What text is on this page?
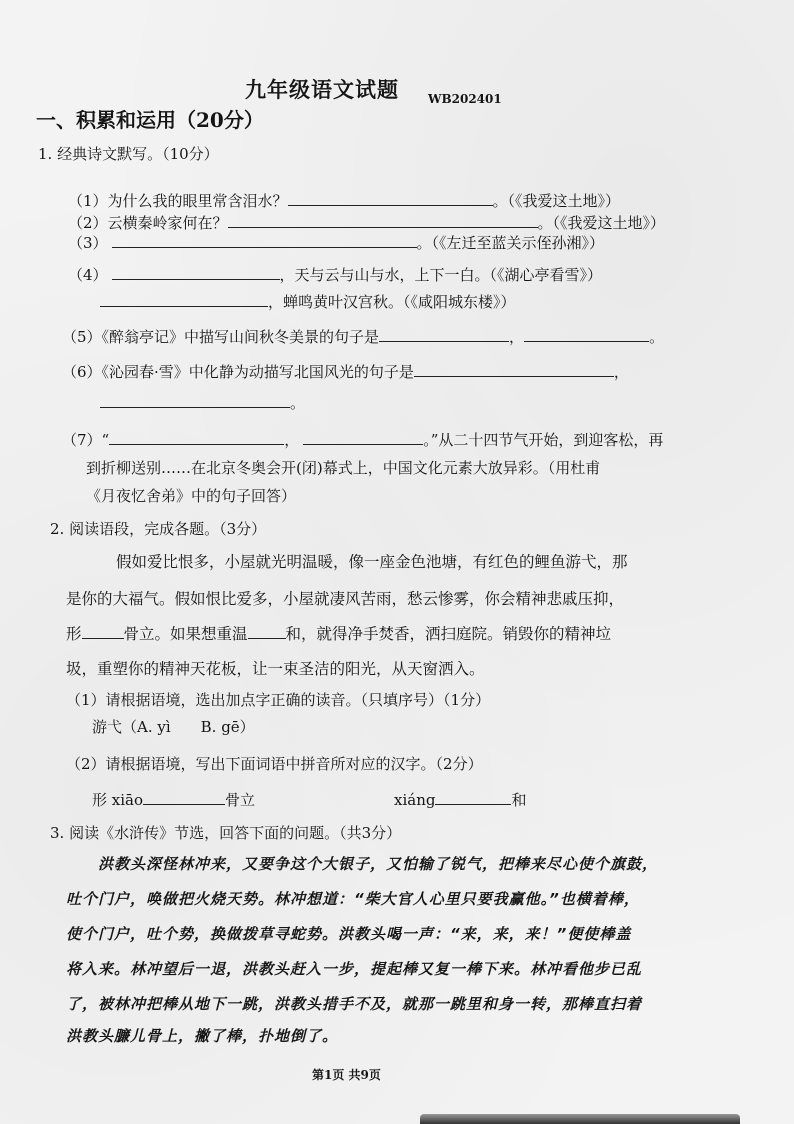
九年级语文试题 WB202401
一、积累和运用（20分）
1. 经典诗文默写。（10分）
（1）为什么我的眼里常含泪水？	。（《我爱这土地》）
（2）云横秦岭家何在？	。（《我爱这土地》）
（3）	。（《左迁至蓝关示侄孙湘》）
（4）	，天与云与山与水，上下一白。（《湖心亭看雪》）
，蝉鸣黄叶汉宫秋。（《咸阳城东楼》）
（5）《醉翁亭记》中描写山间秋冬美景的句子是	，	。
（6）《沁园春·雪》中化静为动描写北国风光的句子是	，
。
（7）“	，	。”从二十四节气开始，到迎客松，再
到折柳送别……在北京冬奥会开(闭)幕式上，中国文化元素大放异彩。（用杜甫
《月夜忆舍弟》中的句子回答）
2. 阅读语段，完成各题。（3分）
假如爱比恨多，小屋就光明温暖，像一座金色池塘，有红色的鲤鱼游弋，那
是你的大福气。假如恨比爱多，小屋就凄风苦雨，愁云惨雾，你会精神悲戚压抑，
形	骨立。如果想重温 和，就得净手焚香，洒扫庭院。销毁你的精神垃
圾，重塑你的精神天花板，让一束圣洁的阳光，从天窗洒入。
（1）请根据语境，选出加点字正确的读音。（只填序号）（1分）
游弋（A. yì　　B. gē）
（2）请根据语境，写出下面词语中拼音所对应的汉字。（2分）
形 xiāo	骨立	xiáng	和
3. 阅读《水浒传》节选，回答下面的问题。（共3分）
洪教头深怪林冲来，又要争这个大银子，又怕输了锐气，把棒来尽心使个旗鼓，
吐个门户，唤做把火烧天势。林冲想道：“柴大官人心里只要我赢他。”也横着棒，
使个门户，吐个势，换做拨草寻蛇势。洪教头喝一声：“来，来，来！”便使棒盖
将入来。林冲望后一退，洪教头赶入一步，提起棒又复一棒下来。林冲看他步已乱
了，被林冲把棒从地下一跳，洪教头措手不及，就那一跳里和身一转，那棒直扫着
洪教头臁儿骨上，撇了棒，扑地倒了。
第1页 共9页
